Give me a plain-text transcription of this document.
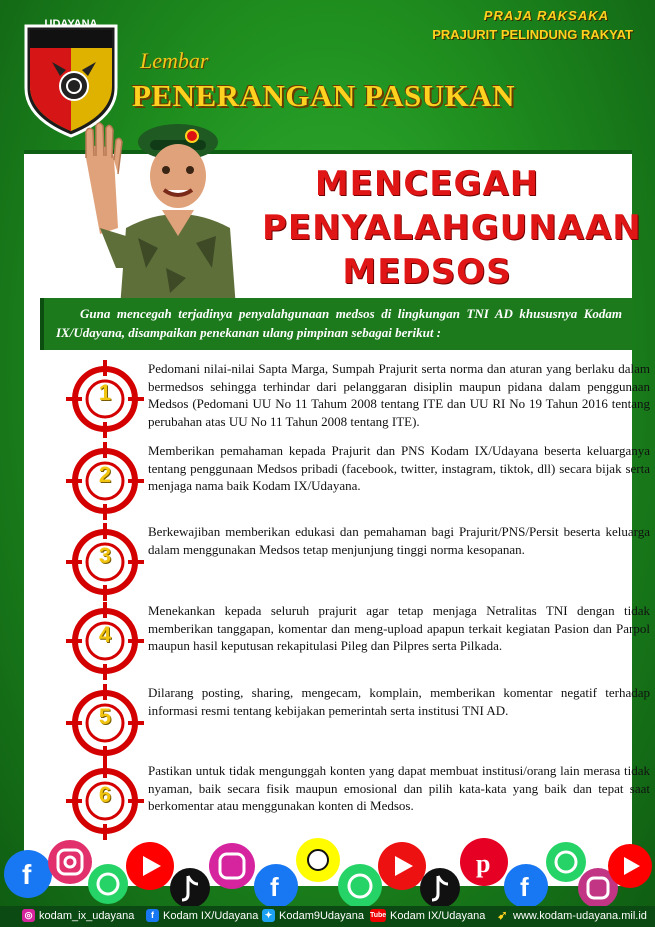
UDAYANA
Lembar
PENERANGAN PASUKAN
PRAJA RAKSAKA
PRAJURIT PELINDUNG RAKYAT
MENCEGAH
PENYALAHGUNAAN
MEDSOS

Guna mencegah terjadinya penyalahgunaan medsos di lingkungan TNI AD khususnya Kodam IX/Udayana, disampaikan penekanan ulang pimpinan sebagai berikut :

1
Pedomani nilai-nilai Sapta Marga, Sumpah Prajurit serta norma dan aturan yang berlaku dalam bermedsos sehingga terhindar dari pelanggaran disiplin maupun pidana dalam penggunaan Medsos (Pedomani UU No 11 Tahum 2008 tentang ITE dan UU RI No 19 Tahun 2016 tentang perubahan atas UU No 11 Tahun 2008 tentang ITE).
2
Memberikan pemahaman kepada Prajurit dan PNS Kodam IX/Udayana beserta keluarganya tentang penggunaan Medsos pribadi (facebook, twitter, instagram, tiktok, dll) secara bijak serta menjaga nama baik Kodam IX/Udayana.
3
Berkewajiban memberikan edukasi dan pemahaman bagi Prajurit/PNS/Persit beserta keluarga dalam menggunakan Medsos tetap menjunjung tinggi norma kesopanan.
4
Menekankan kepada seluruh prajurit agar tetap menjaga Netralitas TNI dengan tidak memberikan tanggapan, komentar dan meng-upload apapun terkait kegiatan Pasion dan Parpol maupun hasil keputusan rekapitulasi Pileg dan Pilpres serta Pilkada.
5
Dilarang posting, sharing, mengecam, komplain, memberikan komentar negatif terhadap informasi resmi tentang kebijakan pemerintah serta institusi TNI AD.
6
Pastikan untuk tidak mengunggah konten yang dapat membuat institusi/orang lain merasa tidak nyaman, baik secara fisik maupun emosional dan pilih kata-kata yang baik dan tepat saat berkomentar atau menggunakan konten di Medsos.
f	f
p
f
◎ kodam_ix_udayana	f Kodam IX/Udayana ✦ Kodam9Udayana Tube Kodam IX/Udayana ➹ www.kodam-udayana.mil.id
